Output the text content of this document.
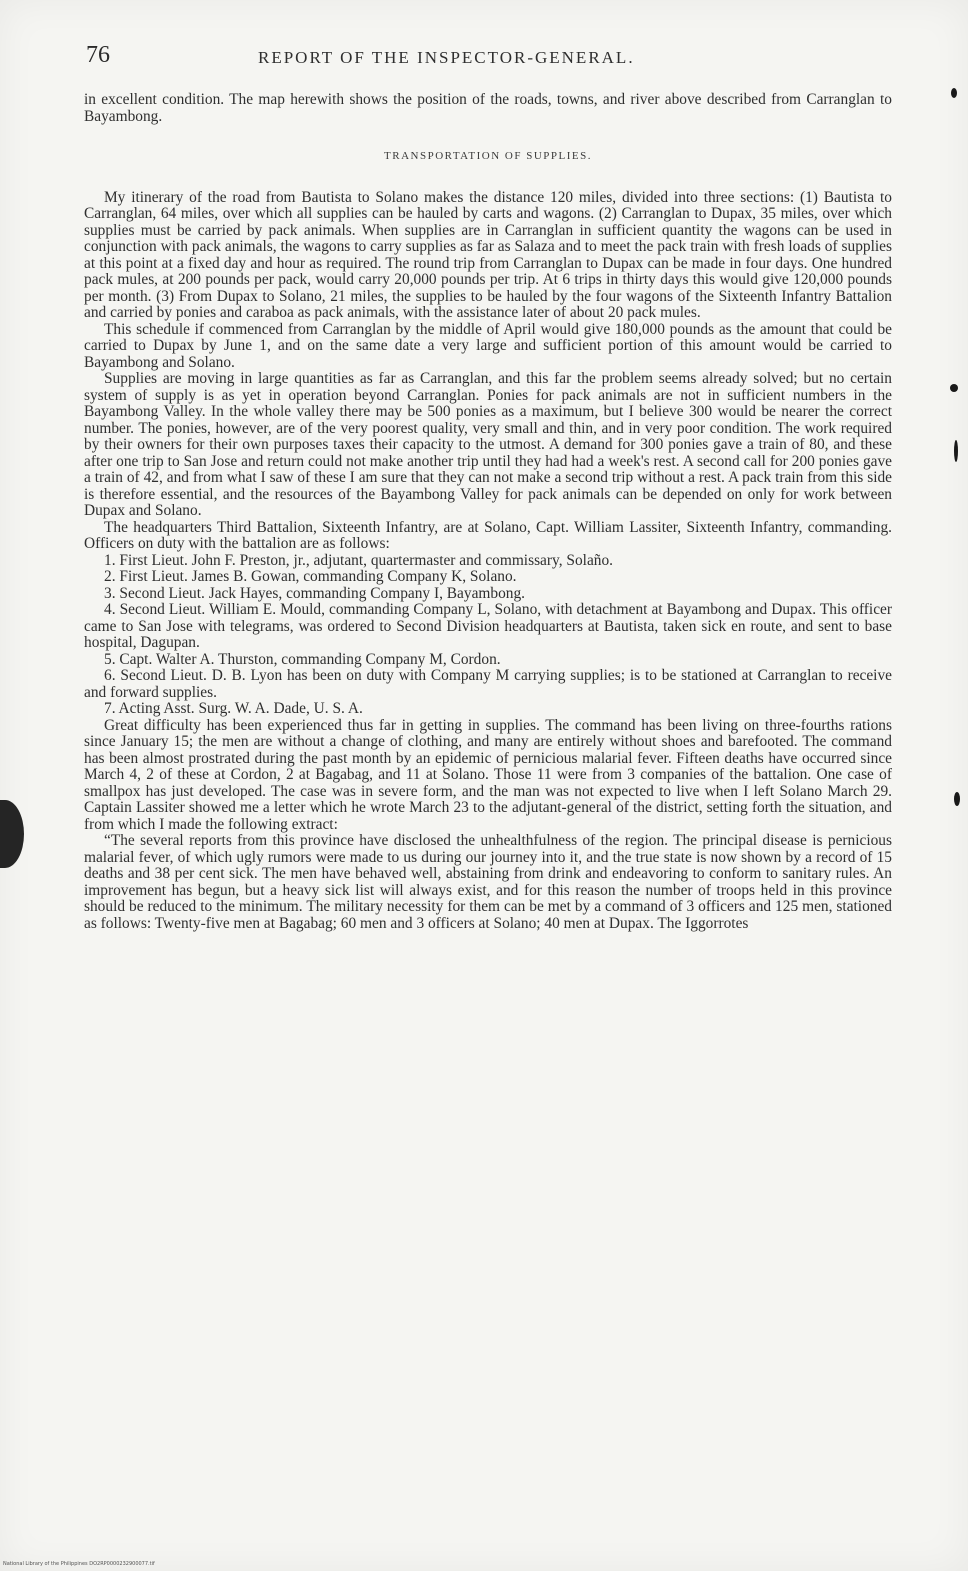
76	REPORT OF THE INSPECTOR-GENERAL.

in excellent condition. The map herewith shows the position of the roads, towns, and river above described from Carranglan to Bayambong.

TRANSPORTATION OF SUPPLIES.

My itinerary of the road from Bautista to Solano makes the distance 120 miles, divided into three sections: (1) Bautista to Carranglan, 64 miles, over which all supplies can be hauled by carts and wagons. (2) Carranglan to Dupax, 35 miles, over which supplies must be carried by pack animals. When supplies are in Carranglan in sufficient quantity the wagons can be used in conjunction with pack animals, the wagons to carry supplies as far as Salaza and to meet the pack train with fresh loads of supplies at this point at a fixed day and hour as required. The round trip from Carranglan to Dupax can be made in four days. One hundred pack mules, at 200 pounds per pack, would carry 20,000 pounds per trip. At 6 trips in thirty days this would give 120,000 pounds per month. (3) From Dupax to Solano, 21 miles, the supplies to be hauled by the four wagons of the Sixteenth Infantry Battalion and carried by ponies and caraboa as pack animals, with the assistance later of about 20 pack mules.

This schedule if commenced from Carranglan by the middle of April would give 180,000 pounds as the amount that could be carried to Dupax by June 1, and on the same date a very large and sufficient portion of this amount would be carried to Bayambong and Solano.

Supplies are moving in large quantities as far as Carranglan, and this far the problem seems already solved; but no certain system of supply is as yet in operation beyond Carranglan. Ponies for pack animals are not in sufficient numbers in the Bayambong Valley. In the whole valley there may be 500 ponies as a maximum, but I believe 300 would be nearer the correct number. The ponies, however, are of the very poorest quality, very small and thin, and in very poor condition. The work required by their owners for their own purposes taxes their capacity to the utmost. A demand for 300 ponies gave a train of 80, and these after one trip to San Jose and return could not make another trip until they had had a week's rest. A second call for 200 ponies gave a train of 42, and from what I saw of these I am sure that they can not make a second trip without a rest. A pack train from this side is therefore essential, and the resources of the Bayambong Valley for pack animals can be depended on only for work between Dupax and Solano.

The headquarters Third Battalion, Sixteenth Infantry, are at Solano, Capt. William Lassiter, Sixteenth Infantry, commanding. Officers on duty with the battalion are as follows:

1. First Lieut. John F. Preston, jr., adjutant, quartermaster and commissary, Solaño.

2. First Lieut. James B. Gowan, commanding Company K, Solano.

3. Second Lieut. Jack Hayes, commanding Company I, Bayambong.

4. Second Lieut. William E. Mould, commanding Company L, Solano, with detachment at Bayambong and Dupax. This officer came to San Jose with telegrams, was ordered to Second Division headquarters at Bautista, taken sick en route, and sent to base hospital, Dagupan.

5. Capt. Walter A. Thurston, commanding Company M, Cordon.

6. Second Lieut. D. B. Lyon has been on duty with Company M carrying supplies; is to be stationed at Carranglan to receive and forward supplies.

7. Acting Asst. Surg. W. A. Dade, U. S. A.

Great difficulty has been experienced thus far in getting in supplies. The command has been living on three-fourths rations since January 15; the men are without a change of clothing, and many are entirely without shoes and barefooted. The command has been almost prostrated during the past month by an epidemic of pernicious malarial fever. Fifteen deaths have occurred since March 4, 2 of these at Cordon, 2 at Bagabag, and 11 at Solano. Those 11 were from 3 companies of the battalion. One case of smallpox has just developed. The case was in severe form, and the man was not expected to live when I left Solano March 29. Captain Lassiter showed me a letter which he wrote March 23 to the adjutant-general of the district, setting forth the situation, and from which I made the following extract:

“The several reports from this province have disclosed the unhealthfulness of the region. The principal disease is pernicious malarial fever, of which ugly rumors were made to us during our journey into it, and the true state is now shown by a record of 15 deaths and 38 per cent sick. The men have behaved well, abstaining from drink and endeavoring to conform to sanitary rules. An improvement has begun, but a heavy sick list will always exist, and for this reason the number of troops held in this province should be reduced to the minimum. The military necessity for them can be met by a command of 3 officers and 125 men, stationed as follows: Twenty-five men at Bagabag; 60 men and 3 officers at Solano; 40 men at Dupax. The Iggorrotes

National Library of the Philippines DO2RP0000232900077.tif
